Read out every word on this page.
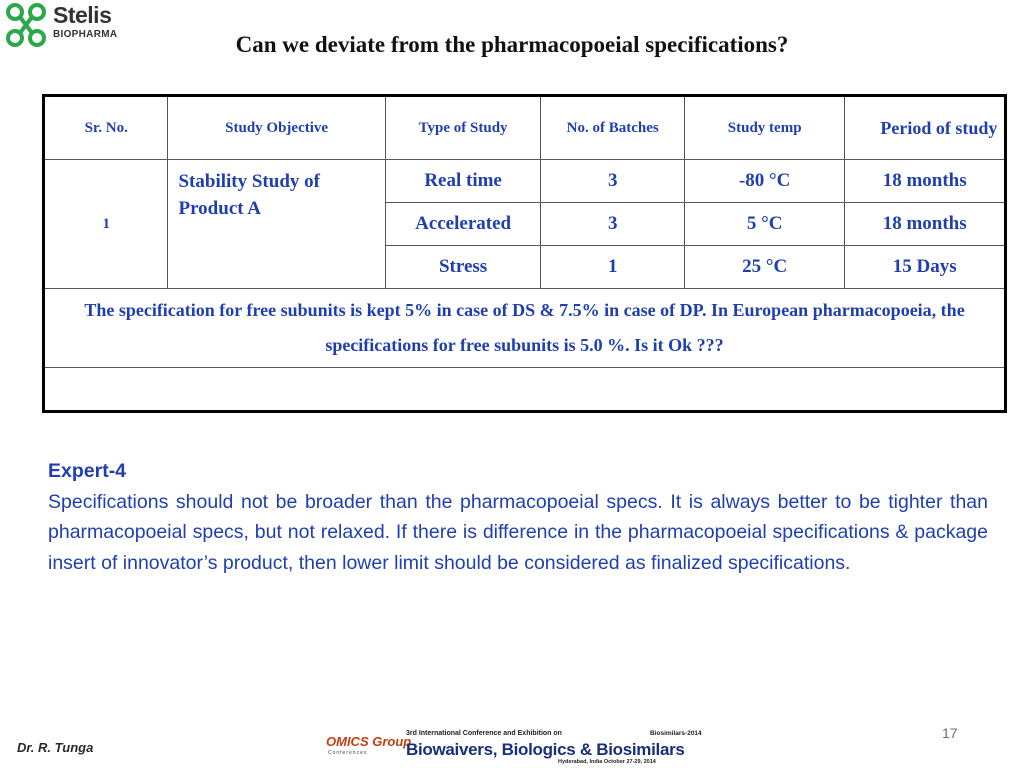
Stelis
BIOPHARMA	Can we deviate from the pharmacopoeial specifications?
Sr. No.	Study Objective	Type of Study	No. of Batches	Study temp	Period of study
1	Stability Study of Product A	Real time	3	-80 °C	18 months
		Accelerated	3	5 °C	18 months
		Stress	1	25 °C	15 Days
The specification for free subunits is kept 5% in case of DS & 7.5% in case of DP. In European pharmacopoeia, the specifications for free subunits is 5.0 %. Is it Ok ???					

Expert-4
Specifications should not be broader than the pharmacopoeial specs. It is always better to be tighter than pharmacopoeial specs, but not relaxed. If there is difference in the pharmacopoeial specifications & package insert of innovator’s product, then lower limit should be considered as finalized specifications.
17
Dr. R. Tunga	OMICS Group
Conferences
3rd International Conference and Exhibition on	Biosimilars-2014
Biowaivers, Biologics & Biosimilars
Hyderabad, India October 27-29, 2014
